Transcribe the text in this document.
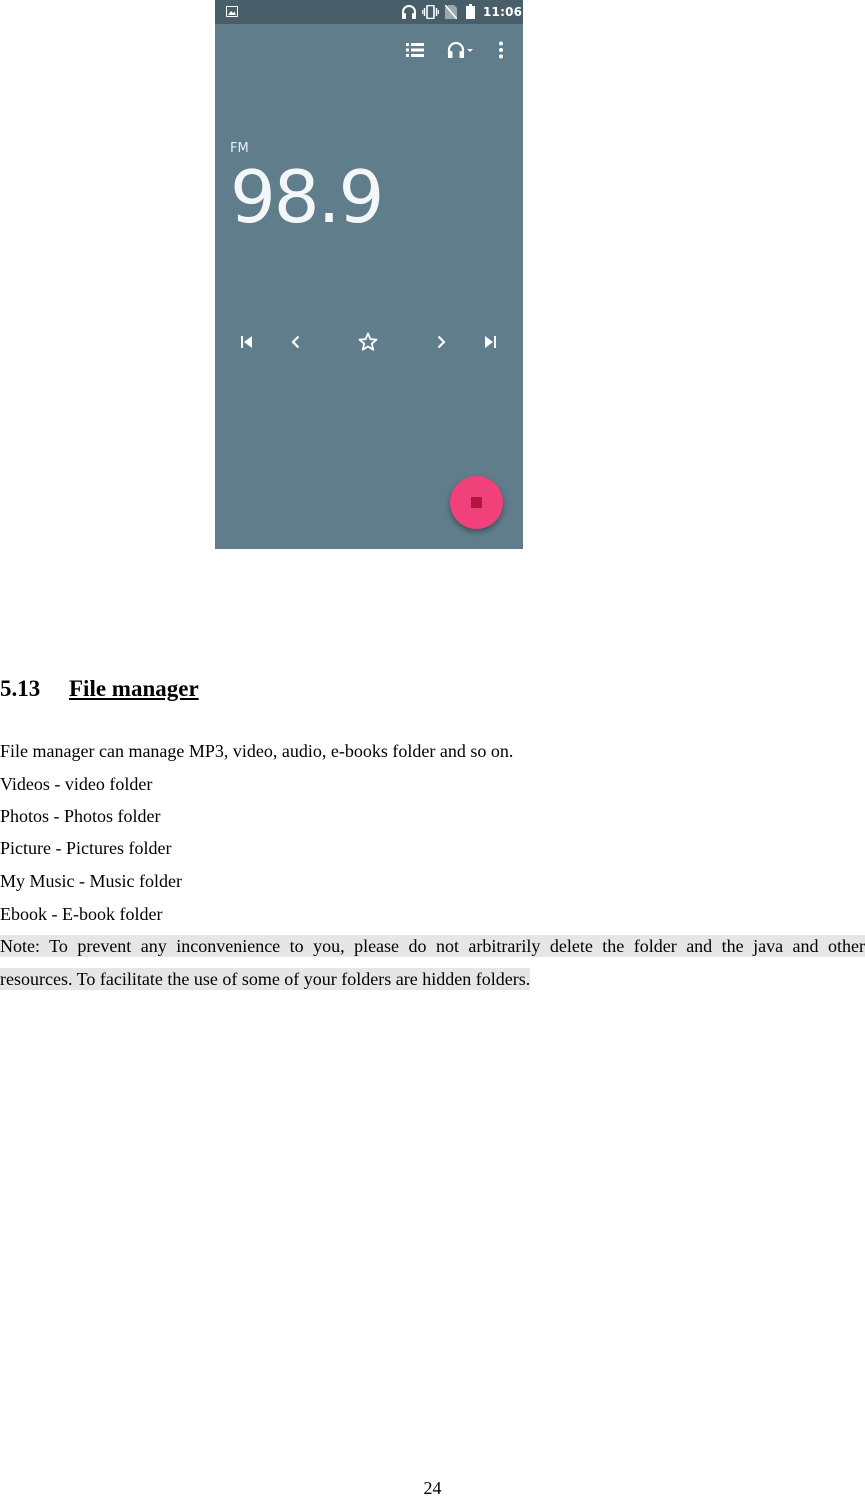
11:06
FM
98.9
5.13 File manager

File manager can manage MP3, video, audio, e-books folder and so on.

Videos - video folder

Photos - Photos folder

Picture - Pictures folder

My Music - Music folder

Ebook - E-book folder

Note: To prevent any inconvenience to you, please do not arbitrarily delete the folder and the java and other
resources. To facilitate the use of some of your folders are hidden folders.

24
